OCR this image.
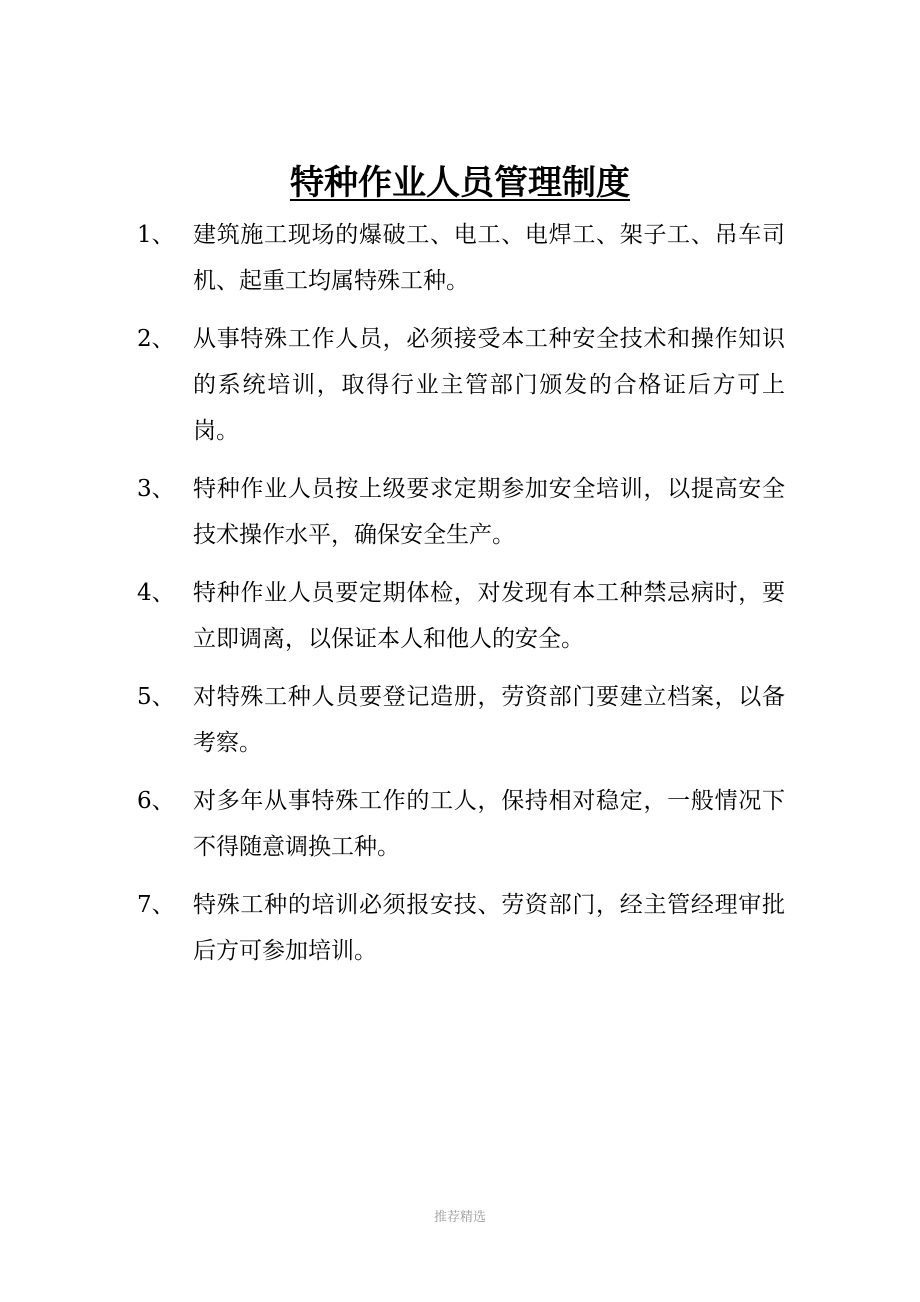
特种作业人员管理制度
1、 建筑施工现场的爆破工、电工、电焊工、架子工、吊车司机、起重工均属特殊工种。
2、 从事特殊工作人员，必须接受本工种安全技术和操作知识的系统培训，取得行业主管部门颁发的合格证后方可上岗。
3、 特种作业人员按上级要求定期参加安全培训，以提高安全技术操作水平，确保安全生产。
4、 特种作业人员要定期体检，对发现有本工种禁忌病时，要立即调离，以保证本人和他人的安全。
5、 对特殊工种人员要登记造册，劳资部门要建立档案，以备考察。
6、 对多年从事特殊工作的工人，保持相对稳定，一般情况下不得随意调换工种。
7、 特殊工种的培训必须报安技、劳资部门，经主管经理审批后方可参加培训。
推荐精选
